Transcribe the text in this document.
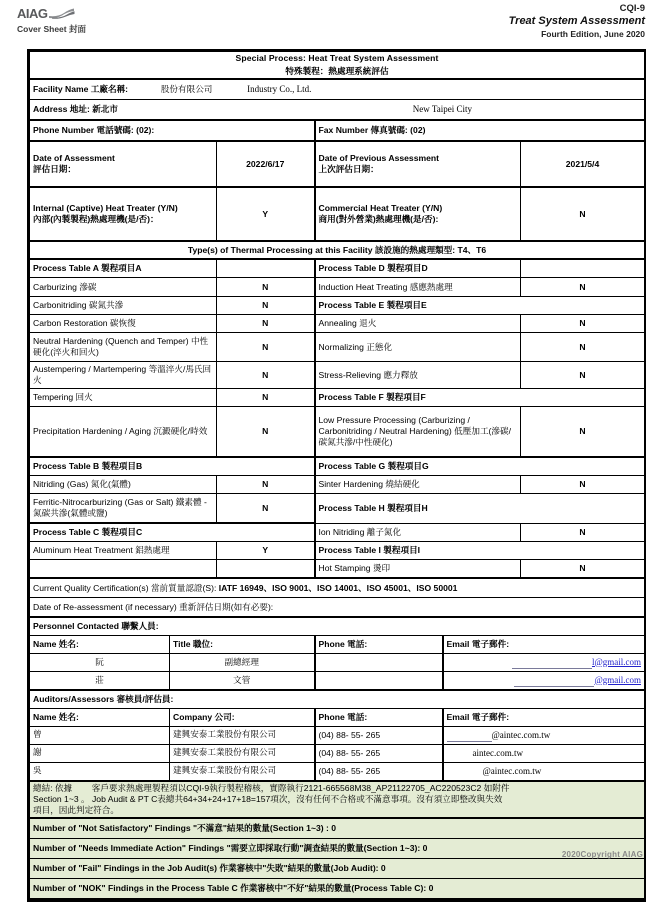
AIAG
Cover Sheet 封面
CQI-9
Treat System Assessment
Fourth Edition, June 2020
Special Process: Heat Treat System Assessment					
特殊製程：熱處理系統評估					
Facility Name 工廠名稱: 股份有限公司 Industry Co., Ltd.					
Address 地址: 新北市 New Taipei City					
Phone Number 電話號碼: (02):			Fax Number 傳真號碼: (02)		

Date of Assessment
評估日期：
	2022/6/17	
Date of Previous Assessment
上次評估日期：
	2021/5/4

Internal (Captive) Heat Treater (Y/N)
內部(內製製程)熱處理機(是/否)：
	Y	
Commercial Heat Treater (Y/N)
商用(對外營業)熱處理機(是/否):
	N
Type(s) of Thermal Processing at this Facility 該設施的熱處理類型: T4、T6					
Process Table A 製程項目A			Process Table D 製程項目D		
Carburizing 滲碳		N	Induction Heat Treating 感應熱處理		N
Carbonitriding 碳氮共滲		N	Process Table E 製程項目E		
Carbon Restoration 碳恢復		N	Annealing 退火		N
Neutral Hardening (Quench and Temper) 中性硬化(淬火和回火)		N	Normalizing 正態化		N
Austempering / Martempering 等溫淬火/馬氏回火		N	Stress-Relieving 應力釋放		N
Tempering 回火		N	Process Table F 製程項目F		
Precipitation Hardening / Aging 沉澱硬化/時效		N	Low Pressure Processing (Carburizing / Carbonitriding / Neutral Hardening) 低壓加工(滲碳/碳氮共滲/中性硬化)		N
Process Table B 製程項目B			Process Table G 製程項目G		
Nitriding (Gas) 氮化(氣體)		N	Sinter Hardening 燒結硬化		N
Ferritic-Nitrocarburizing (Gas or Salt) 鐵素體 - 氮碳共滲(氣體或鹽)		N	Process Table H 製程項目H		
Process Table C 製程項目C			Ion Nitriding 離子氮化		N
Aluminum Heat Treatment 鋁熱處理		Y	Process Table I 製程項目I		
			Hot Stamping 燙印		N
Current Quality Certification(s) 當前質量認證(S): IATF 16949、ISO 9001、ISO 14001、ISO 45001、ISO 50001					
Date of Re-assessment (if necessary) 重新評估日期(如有必要):					
Personnel Contacted 聯繫人員:					
Name 姓名:	Title 職位:		Phone 電話:	Email 電子郵件:	
阮	副總經理			l@gmail.com	
莊	文管			@gmail.com	
Auditors/Assessors 審核員/評估員:					
Name 姓名:	Company 公司:		Phone 電話:	Email 電子郵件:	
曾	建興安泰工業股份有限公司		(04) 88- 55- 265	@aintec.com.tw	
謝	建興安泰工業股份有限公司		(04) 88- 55- 265	aintec.com.tw	
吳	建興安泰工業股份有限公司		(04) 88- 55- 265	@aintec.com.tw	

總結: 依據　　 客戶要求熱處理製程須以CQI-9執行製程稽核，實際執行2121-665568M38_AP21122705_AC220523C2 如附件
Section 1~3 。 Job Audit & PT C表總共64+34+24+17+18=157項次，沒有任何不合格或不滿意事項。沒有須立即整改與失效
項目，因此判定符合。					

Number of "Not Satisfactory" Findings "不滿意"結果的數量(Section 1~3) : 0					
Number of "Needs Immediate Action" Findings "需要立即採取行動"調查結果的數量(Section 1~3): 0					
Number of "Fail" Findings in the Job Audit(s) 作業審核中"失敗"結果的數量(Job Audit): 0					
Number of "NOK" Findings in the Process Table C 作業審核中"不好"結果的數量(Process Table C): 0					
2020Copyright AIAG
